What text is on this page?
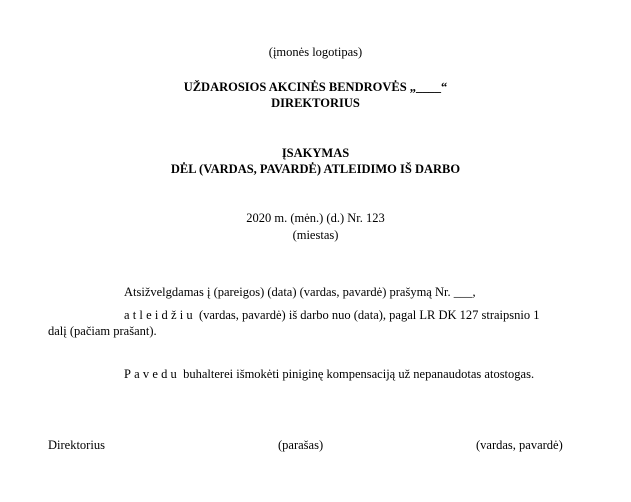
(įmonės logotipas)
UŽDAROSIOS AKCINĖS BENDROVĖS „____“
DIREKTORIUS
ĮSAKYMAS
DĖL (VARDAS, PAVARDĖ) ATLEIDIMO IŠ DARBO
2020 m. (mėn.) (d.) Nr. 123
(miestas)
Atsižvelgdamas į (pareigos) (data) (vardas, pavardė) prašymą Nr. ___,
atleidžiu (vardas, pavardė) iš darbo nuo (data), pagal LR DK 127 straipsnio 1
dalį (pačiam prašant).
Pavedu buhalterei išmokėti piniginę kompensaciją už nepanaudotas atostogas.
Direktorius	(parašas)	(vardas, pavardė)
